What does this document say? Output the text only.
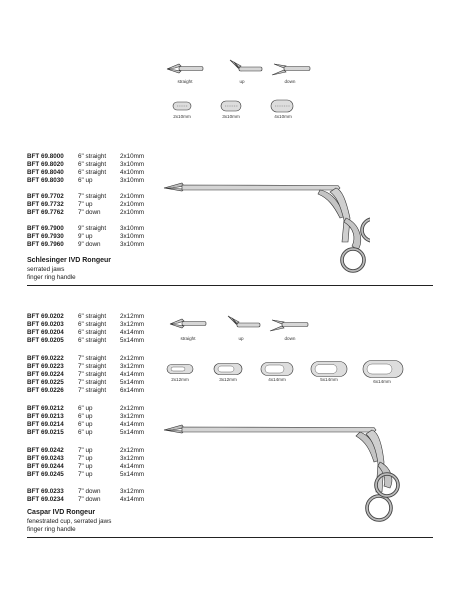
straight	up	down
2x10mm	3x10mm	4x10mm
BFT 69.8000	6" straight	2x10mm
BFT 69.8020	6" straight	3x10mm
BFT 69.8040	6" straight	4x10mm
BFT 69.8030	6" up	3x10mm
BFT 69.7702	7" straight	2x10mm
BFT 69.7732	7" up	2x10mm
BFT 69.7762	7" down	2x10mm
BFT 69.7900	9" straight	3x10mm
BFT 69.7930	9" up	3x10mm
BFT 69.7960	9" down	3x10mm
Schlesinger IVD Rongeur
serrated jaws
finger ring handle
straight	up	down
2x12mm	3x12mm	4x14mm	5x14mm	6x14mm
BFT 69.0202	6" straight	2x12mm
BFT 69.0203	6" straight	3x12mm
BFT 69.0204	6" straight	4x14mm
BFT 69.0205	6" straight	5x14mm
BFT 69.0222	7" straight	2x12mm
BFT 69.0223	7" straight	3x12mm
BFT 69.0224	7" straight	4x14mm
BFT 69.0225	7" straight	5x14mm
BFT 69.0226	7" straight	6x14mm
BFT 69.0212	6" up	2x12mm
BFT 69.0213	6" up	3x12mm
BFT 69.0214	6" up	4x14mm
BFT 69.0215	6" up	5x14mm
BFT 69.0242	7" up	2x12mm
BFT 69.0243	7" up	3x12mm
BFT 69.0244	7" up	4x14mm
BFT 69.0245	7" up	5x14mm
BFT 69.0233	7" down	3x12mm
BFT 69.0234	7" down	4x14mm
Caspar IVD Rongeur
fenestrated cup, serrated jaws
finger ring handle
